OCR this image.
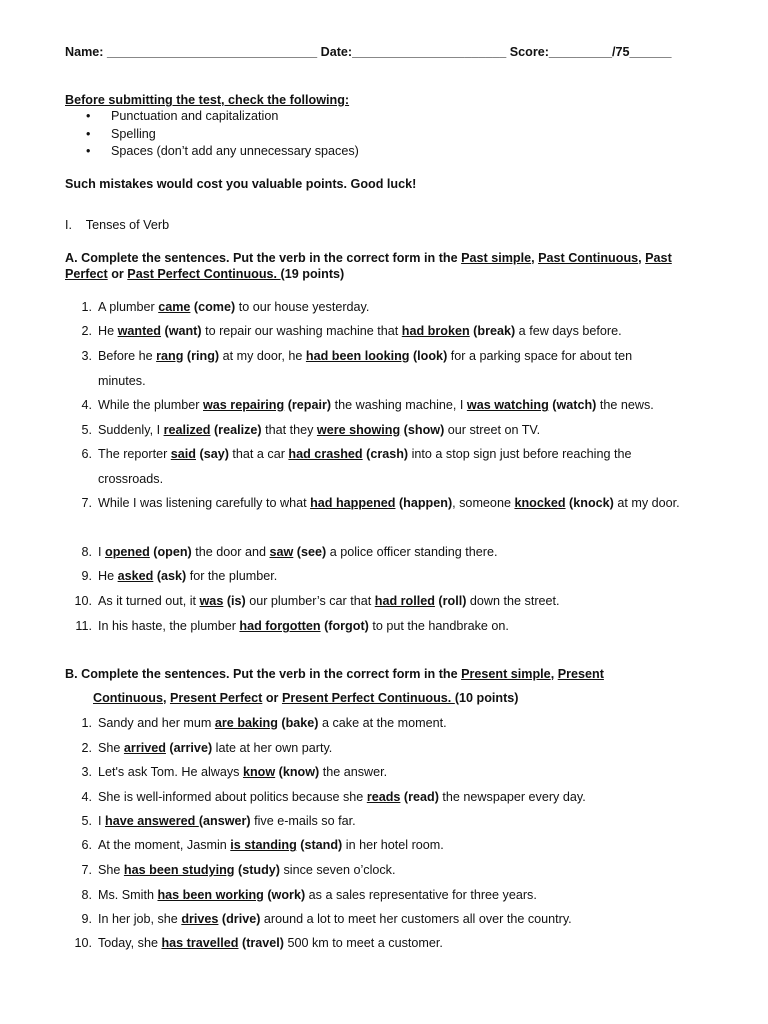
Name: ______________________________ Date:______________________ Score:_________/75______
Before submitting the test, check the following:
•	Punctuation and capitalization
•	Spelling
•	Spaces (don’t add any unnecessary spaces)
Such mistakes would cost you valuable points. Good luck!
I. Tenses of Verb
A. Complete the sentences. Put the verb in the correct form in the Past simple, Past Continuous, Past
Perfect or Past Perfect Continuous. (19 points)
1. A plumber came (come) to our house yesterday.
2. He wanted (want) to repair our washing machine that had broken (break) a few days before.
3. Before he rang (ring) at my door, he had been looking (look) for a parking space for about ten minutes.
4. While the plumber was repairing (repair) the washing machine, I was watching (watch) the news.
5. Suddenly, I realized (realize) that they were showing (show) our street on TV.
6. The reporter said (say) that a car had crashed (crash) into a stop sign just before reaching the crossroads.
7. While I was listening carefully to what had happened (happen), someone knocked (knock) at my door.
8. I opened (open) the door and saw (see) a police officer standing there.
9. He asked (ask) for the plumber.
10. As it turned out, it was (is) our plumber’s car that had rolled (roll) down the street.
11. In his haste, the plumber had forgotten (forgot) to put the handbrake on.
B. Complete the sentences. Put the verb in the correct form in the Present simple, Present
Continuous, Present Perfect or Present Perfect Continuous. (10 points)
1. Sandy and her mum are baking (bake) a cake at the moment.
2. She arrived (arrive) late at her own party.
3. Let's ask Tom. He always know (know) the answer.
4. She is well-informed about politics because she reads (read) the newspaper every day.
5. I have answered (answer) five e-mails so far.
6. At the moment, Jasmin is standing (stand) in her hotel room.
7. She has been studying (study) since seven o’clock.
8. Ms. Smith has been working (work) as a sales representative for three years.
9. In her job, she drives (drive) around a lot to meet her customers all over the country.
10. Today, she has travelled (travel) 500 km to meet a customer.
